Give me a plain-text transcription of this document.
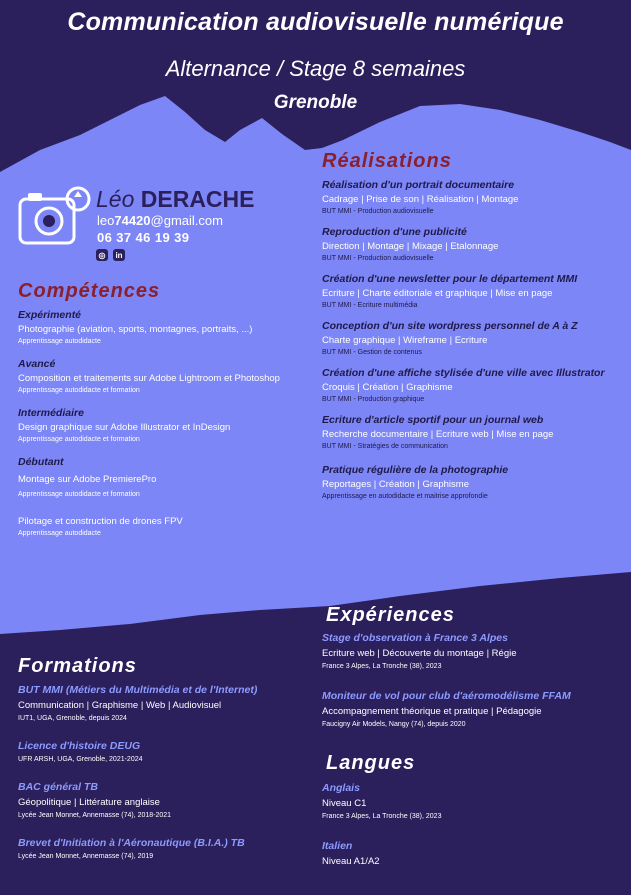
Communication audiovisuelle numérique
Alternance / Stage 8 semaines
Grenoble
Léo DERACHE
leo74420@gmail.com
06 37 46 19 39
◎	in
Compétences
Expérimenté
Photographie (aviation, sports, montagnes, portraits, ...)
Apprentissage autodidacte
Avancé
Composition et traitements sur Adobe Lightroom et Photoshop
Apprentissage autodidacte et formation
Intermédiaire
Design graphique sur Adobe Illustrator et InDesign
Apprentissage autodidacte et formation
Débutant
Montage sur Adobe PremierePro
Apprentissage autodidacte et formation
Pilotage et construction de drones FPV
Apprentissage autodidacte
Réalisations
Réalisation d'un portrait documentaire
Cadrage | Prise de son | Réalisation | Montage
BUT MMI - Production audiovisuelle
Reproduction d'une publicité
Direction | Montage | Mixage | Etalonnage
BUT MMI - Production audiovisuelle
Création d'une newsletter pour le département MMI
Ecriture | Charte éditoriale et graphique | Mise en page
BUT MMI - Ecriture multimédia
Conception d'un site wordpress personnel de A à Z
Charte graphique | Wireframe | Ecriture
BUT MMI - Gestion de contenus
Création d'une affiche stylisée d'une ville avec Illustrator
Croquis | Création | Graphisme
BUT MMI - Production graphique
Ecriture d'article sportif pour un journal web
Recherche documentaire | Ecriture web | Mise en page
BUT MMI - Stratégies de communication
Pratique régulière de la photographie
Reportages | Création | Graphisme
Apprentissage en autodidacte et maitrise approfondie
Expériences
Stage d'observation à France 3 Alpes
Ecriture web | Découverte du montage | Régie
France 3 Alpes, La Tronche (38), 2023
Moniteur de vol pour club d'aéromodélisme FFAM
Accompagnement théorique et pratique | Pédagogie
Faucigny Air Models, Nangy (74), depuis 2020
Langues
Anglais
Niveau C1
France 3 Alpes, La Tronche (38), 2023
Italien
Niveau A1/A2
Formations
BUT MMI (Métiers du Multimédia et de l'Internet)
Communication | Graphisme | Web | Audiovisuel
IUT1, UGA, Grenoble, depuis 2024
Licence d'histoire DEUG
UFR ARSH, UGA, Grenoble, 2021-2024
BAC général TB
Géopolitique | Littérature anglaise
Lycée Jean Monnet, Annemasse (74), 2018-2021
Brevet d'Initiation à l'Aéronautique (B.I.A.) TB
Lycée Jean Monnet, Annemasse (74), 2019
